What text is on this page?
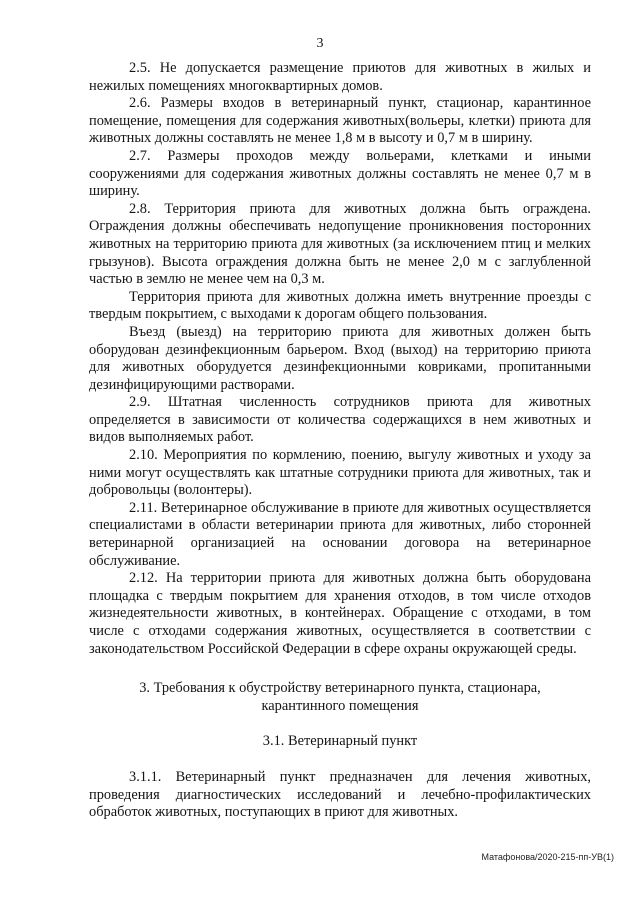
3

2.5. Не допускается размещение приютов для животных в жилых и нежилых помещениях многоквартирных домов.

2.6. Размеры входов в ветеринарный пункт, стационар, карантинное помещение, помещения для содержания животных(вольеры, клетки) приюта для животных должны составлять не менее 1,8 м в высоту и 0,7 м в ширину.

2.7. Размеры проходов между вольерами, клетками и иными сооружениями для содержания животных должны составлять не менее 0,7 м в ширину.

2.8. Территория приюта для животных должна быть ограждена. Ограждения должны обеспечивать недопущение проникновения посторонних животных на территорию приюта для животных (за исключением птиц и мелких грызунов). Высота ограждения должна быть не менее 2,0 м с заглубленной частью в землю не менее чем на 0,3 м.

Территория приюта для животных должна иметь внутренние проезды с твердым покрытием, с выходами к дорогам общего пользования.

Въезд (выезд) на территорию приюта для животных должен быть оборудован дезинфекционным барьером. Вход (выход) на территорию приюта для животных оборудуется дезинфекционными ковриками, пропитанными дезинфицирующими растворами.

2.9. Штатная численность сотрудников приюта для животных определяется в зависимости от количества содержащихся в нем животных и видов выполняемых работ.

2.10. Мероприятия по кормлению, поению, выгулу животных и уходу за ними могут осуществлять как штатные сотрудники приюта для животных, так и добровольцы (волонтеры).

2.11. Ветеринарное обслуживание в приюте для животных осуществляется специалистами в области ветеринарии приюта для животных, либо сторонней ветеринарной организацией на основании договора на ветеринарное обслуживание.

2.12. На территории приюта для животных должна быть оборудована площадка с твердым покрытием для хранения отходов, в том числе отходов жизнедеятельности животных, в контейнерах. Обращение с отходами, в том числе с отходами содержания животных, осуществляется в соответствии с законодательством Российской Федерации в сфере охраны окружающей среды.

3. Требования к обустройству ветеринарного пункта, стационара,

карантинного помещения

3.1. Ветеринарный пункт

3.1.1. Ветеринарный пункт предназначен для лечения животных, проведения диагностических исследований и лечебно-профилактических обработок животных, поступающих в приют для животных.

Матафонова/2020-215-пп-УВ(1)
